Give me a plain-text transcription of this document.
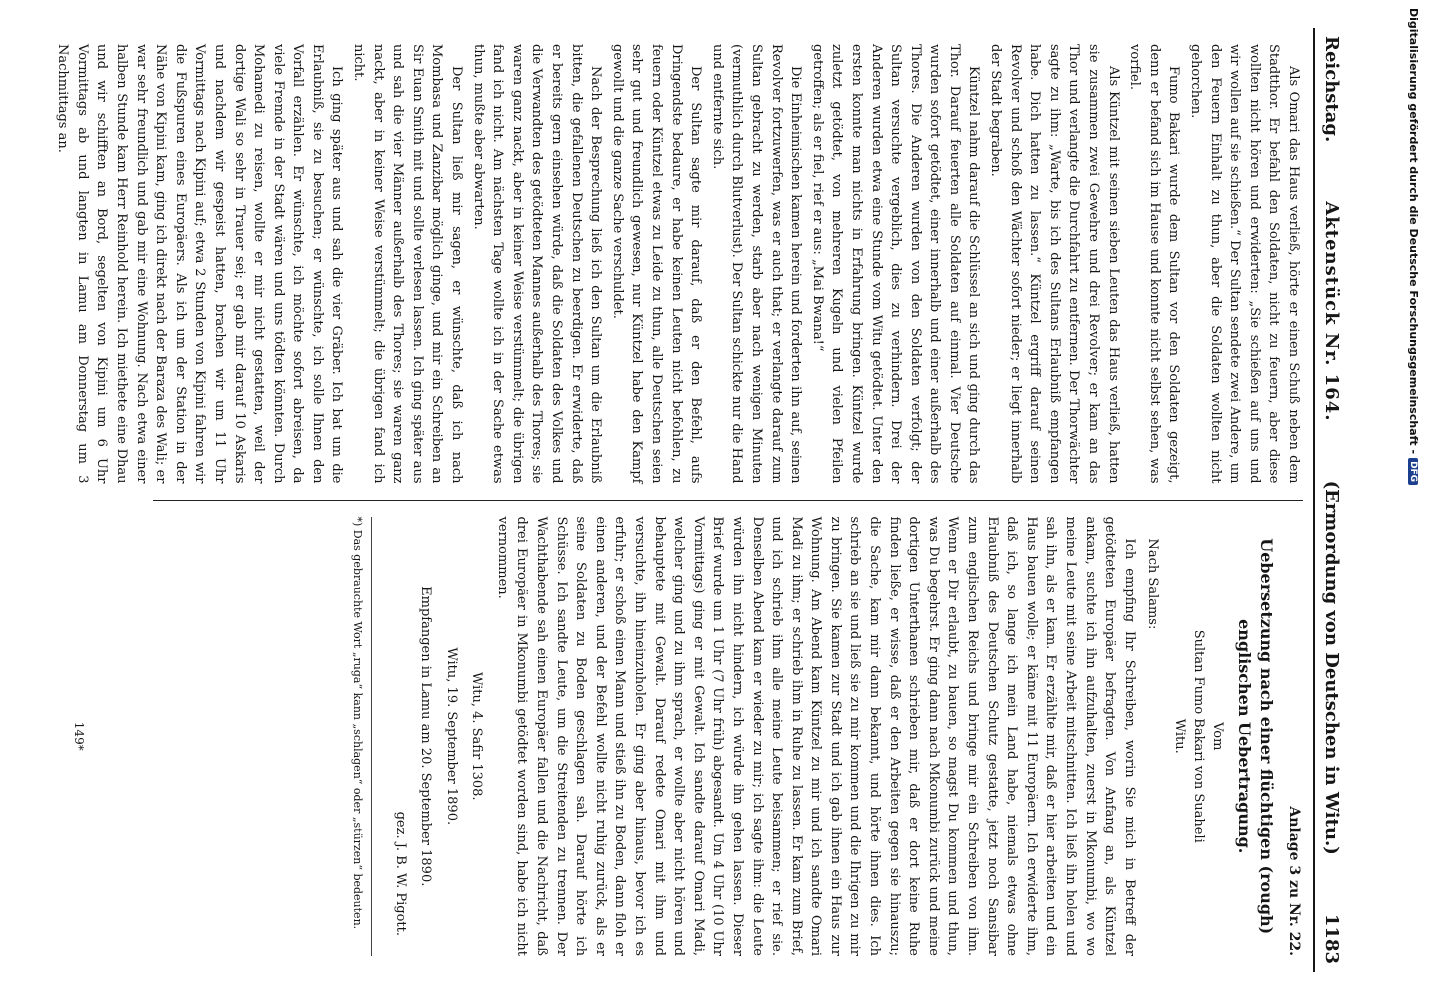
Reichstag.
Aktenstück Nr. 164.
(Ermordung von Deutschen in Witu.)
1183

Als Omari das Haus verließ, hörte er einen Schuß neben dem Stadtthor. Er befahl den Soldaten, nicht zu feuern, aber diese wollten nicht hören und erwiderten: „Sie schießen auf uns und wir wollen auf sie schießen.“ Der Sultan sendete zwei Andere, um den Feuern Einhalt zu thun, aber die Soldaten wollten nicht gehorchen.

Fumo Bakari wurde dem Sultan vor den Soldaten gezeigt, denn er befand sich im Hause und konnte nicht selbst sehen, was vorfiel.

Als Küntzel mit seinen sieben Leuten das Haus verließ, hatten sie zusammen zwei Gewehre und drei Revolver; er kam an das Thor und verlangte die Durchfahrt zu entfernen. Der Thorwächter sagte zu ihm: „Warte, bis ich des Sultans Erlaubniß empfangen habe. Dich hatten zu lassen.“ Küntzel ergriff darauf seinen Revolver und schoß den Wächter sofort nieder; er liegt innerhalb der Stadt begraben.

Küntzel nahm darauf die Schlüssel an sich und ging durch das Thor. Darauf feuerten alle Soldaten auf einmal. Vier Deutsche wurden sofort getödtet, einer innerhalb und einer außerhalb des Thores. Die Anderen wurden von den Soldaten verfolgt; der Sultan versuchte vergeblich, dies zu verhindern. Drei der Anderen wurden etwa eine Stunde vom Witu getödtet. Unter den ersten konnte man nichts in Erfahrung bringen. Küntzel wurde zuletzt getödtet, von mehreren Kugeln und vielen Pfeilen getroffen; als er fiel, rief er aus: „Mai Bwana!“

Die Einheimischen kamen herein und forderten ihn auf, seinen Revolver fortzuwerfen, was er auch that; er verlangte darauf zum Sultan gebracht zu werden, starb aber nach wenigen Minuten (vermuthlich durch Blutverlust). Der Sultan schickte nur die Hand und entfernte sich.

Der Sultan sagte mir darauf, daß er den Befehl, aufs Dringendste bedaure, er habe keinen Leuten nicht befohlen, zu feuern oder Küntzel etwas zu Leide zu thun, alle Deutschen seien sehr gut und freundlich gewesen, nur Küntzel habe den Kampf gewollt und die ganze Sache verschuldet.

Nach der Besprechung ließ ich den Sultan um die Erlaubniß bitten, die gefallenen Deutschen zu beerdigen. Er erwiderte, daß er bereits gern einsehen würde, daß die Soldaten des Volkes und die Verwandten des getödteten Mannes außerhalb des Thores; sie waren ganz nackt, aber in keiner Weise verstümmelt; die übrigen fand ich nicht. Am nächsten Tage wollte ich in der Sache etwas thun, mußte aber abwarten.

Der Sultan ließ mir sagen, er wünschte, daß ich nach Mombasa und Zanzibar möglich ginge, und mir ein Schreiben an Sir Euan Smith mit und sollte verlesen lassen. Ich ging später aus und sah die vier Männer außerhalb des Thores; sie waren ganz nackt, aber in keiner Weise verstümmelt; die übrigen fand ich nicht.

Ich ging später aus und sah die vier Gräber. Ich bat um die Erlaubniß, sie zu besuchen; er wünschte, ich solle Ihnen den Vorfall erzählen. Er wünschte, ich möchte sofort abreisen, da viele Fremde in der Stadt wären und uns tödten könnten. Durch Mohamedi zu reisen, wollte er mir nicht gestatten, weil der dortige Wali so sehr in Trauer sei; er gab mir darauf 10 Askaris und nachdem wir gespeist hatten, brachen wir um 11 Uhr Vormittags nach Kipini auf; etwa 2 Stunden von Kipini fahren wir die Fußspuren eines Europäers. Als ich um der Station in der Nähe von Kipini kam, ging ich direkt nach der Baraza des Wali; er war sehr freundlich und gab mir eine Wohnung. Nach etwa einer halben Stunde kam Herr Reinhold herein. Ich miethete eine Dhau und wir schifften an Bord, segelten von Kipini um 6 Uhr Vormittags ab und langten in Lamu am Donnerstag um 3 Nachmittags an.

Anlage 3 zu Nr. 22.
Uebersetzung nach einer flüchtigen (rough) englischen Uebertragung.
Vom
Sultan Fumo Bakari von Suaheli
Witu.
Nach Salams:

Ich empfing Ihr Schreiben, worin Sie mich in Betreff der getödteten Europäer befragten. Von Anfang an, als Küntzel ankam, suchte ich ihn aufzuhalten, zuerst in Mkonumbi, wo wo meine Leute mit seine Arbeit mitschnitten. Ich ließ ihn holen und sah ihn, als er kam. Er erzählte mir, daß er hier arbeiten und ein Haus bauen wolle; er käme mit 11 Europäern. Ich erwiderte ihm, daß ich, so lange ich mein Land habe, niemals etwas ohne Erlaubniß des Deutschen Schutz gestatte, jetzt noch Sansibar zum englischen Reichs und bringe mir ein Schreiben von ihm. Wenn er Dir erlaubt, zu bauen, so magst Du kommen und thun, was Du begehrst. Er ging dann nach Mkonumbi zurück und meine dortigen Unterthanen schrieben mir, daß er dort keine Ruhe finden ließe, er wisse, daß er den Arbeiten gegen sie hinauszu; die Sache, kam mir dann bekannt, und hörte ihnen dies. Ich schrieb an sie und ließ sie zu mir kommen und die Ihrigen zu mir zu bringen. Sie kamen zur Stadt und ich gab ihnen ein Haus zur Wohnung. Am Abend kam Küntzel zu mir und ich sandte Omari Madi zu ihm; er schrieb ihm in Ruhe zu lassen. Er kam zum Brief, und ich schrieb ihm alle meine Leute beisammen; er rief sie. Denselben Abend kam er wieder zu mir; ich sagte ihm: die Leute würden ihn nicht hindern, ich würde ihn gehen lassen. Dieser Brief wurde um 1 Uhr (7 Uhr früh) abgesandt. Um 4 Uhr (10 Uhr Vormittags) ging er mit Gewalt. Ich sandte darauf Omari Madi, welcher ging und zu ihm sprach, er wollte aber nicht hören und behauptete mit Gewalt. Darauf redete Omari mit ihm und versuchte, ihn hineinzuholen. Er ging aber hinaus, bevor ich es erfuhr; er schoß einen Mann und stieß ihn zu Boden, dann floh er einen anderen, und der Befehl wollte nicht ruhig zurück, als er seine Soldaten zu Boden geschlagen sah. Darauf hörte ich Schüsse. Ich sandte Leute, um die Streitenden zu trennen. Der Wachthabende sah einen Europäer fallen und die Nachricht, daß drei Europäer in Mkonumbi getödtet worden sind, habe ich nicht vernommen.

Witu, 4. Safir 1308.
Witu, 19. September 1890.
Empfangen in Lamu am 20. September 1890.
gez. J. B. W. Pigott.
*) Das gebrauchte Wort „ruga“ kann „schlagen“ oder „stürzen“ bedeuten.
149*
Digitalisierung gefördert durch die Deutsche Forschungsgemeinschaft -
DFG
